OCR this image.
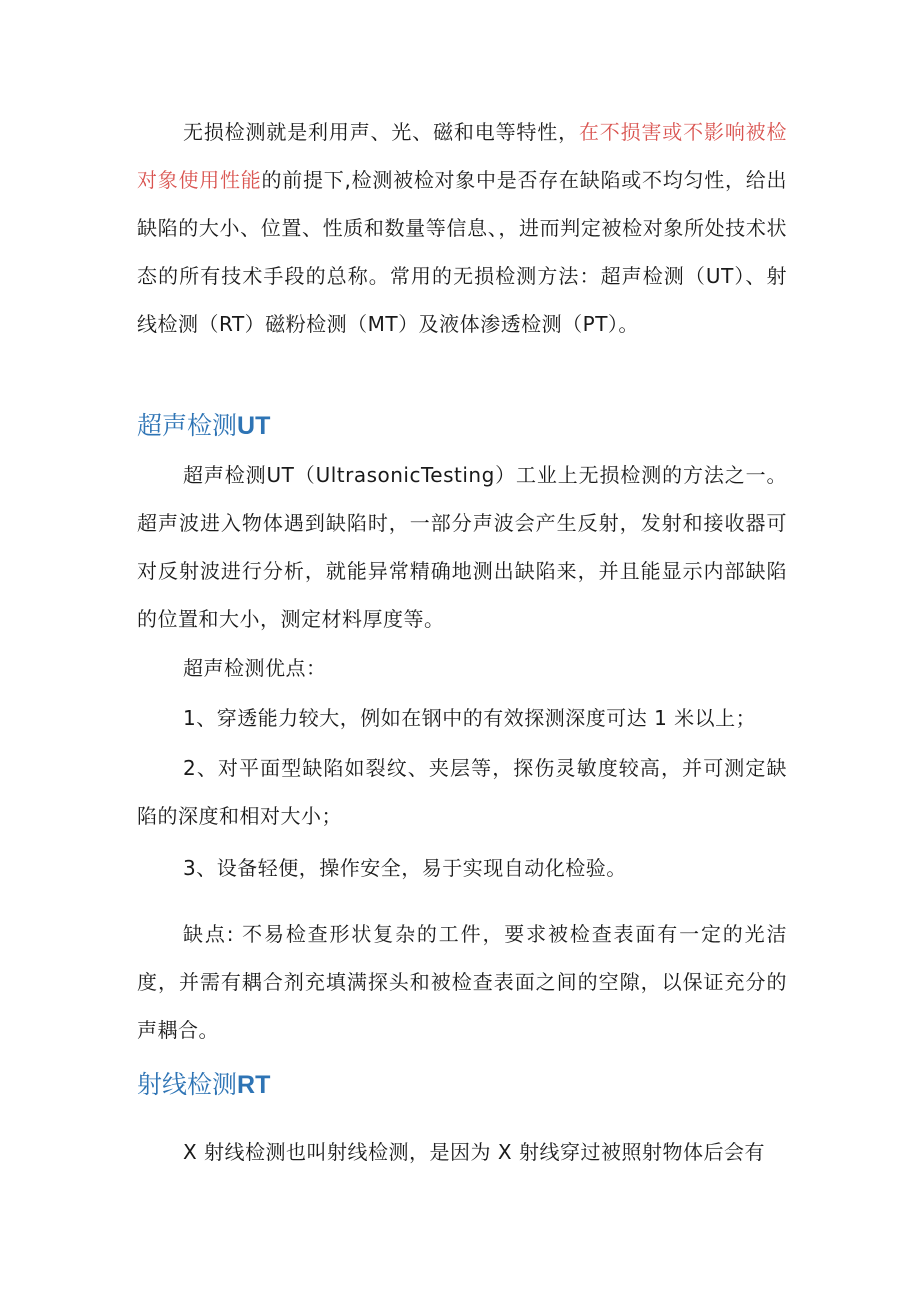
无损检测就是利用声、光、磁和电等特性，在不损害或不影响被检对象使用性能的前提下,检测被检对象中是否存在缺陷或不均匀性，给出缺陷的大小、位置、性质和数量等信息、，进而判定被检对象所处技术状态的所有技术手段的总称。常用的无损检测方法：超声检测（UT）、射线检测（RT）磁粉检测（MT）及液体渗透检测（PT）。

超声检测UT

超声检测UT（UltrasonicTesting）工业上无损检测的方法之一。超声波进入物体遇到缺陷时，一部分声波会产生反射，发射和接收器可对反射波进行分析，就能异常精确地测出缺陷来，并且能显示内部缺陷的位置和大小，测定材料厚度等。

超声检测优点：

1、穿透能力较大，例如在钢中的有效探测深度可达 1 米以上；

2、对平面型缺陷如裂纹、夹层等，探伤灵敏度较高，并可测定缺陷的深度和相对大小；

3、设备轻便，操作安全，易于实现自动化检验。

缺点: 不易检查形状复杂的工件，要求被检查表面有一定的光洁度，并需有耦合剂充填满探头和被检查表面之间的空隙，以保证充分的声耦合。

射线检测RT

X 射线检测也叫射线检测，是因为 X 射线穿过被照射物体后会有
